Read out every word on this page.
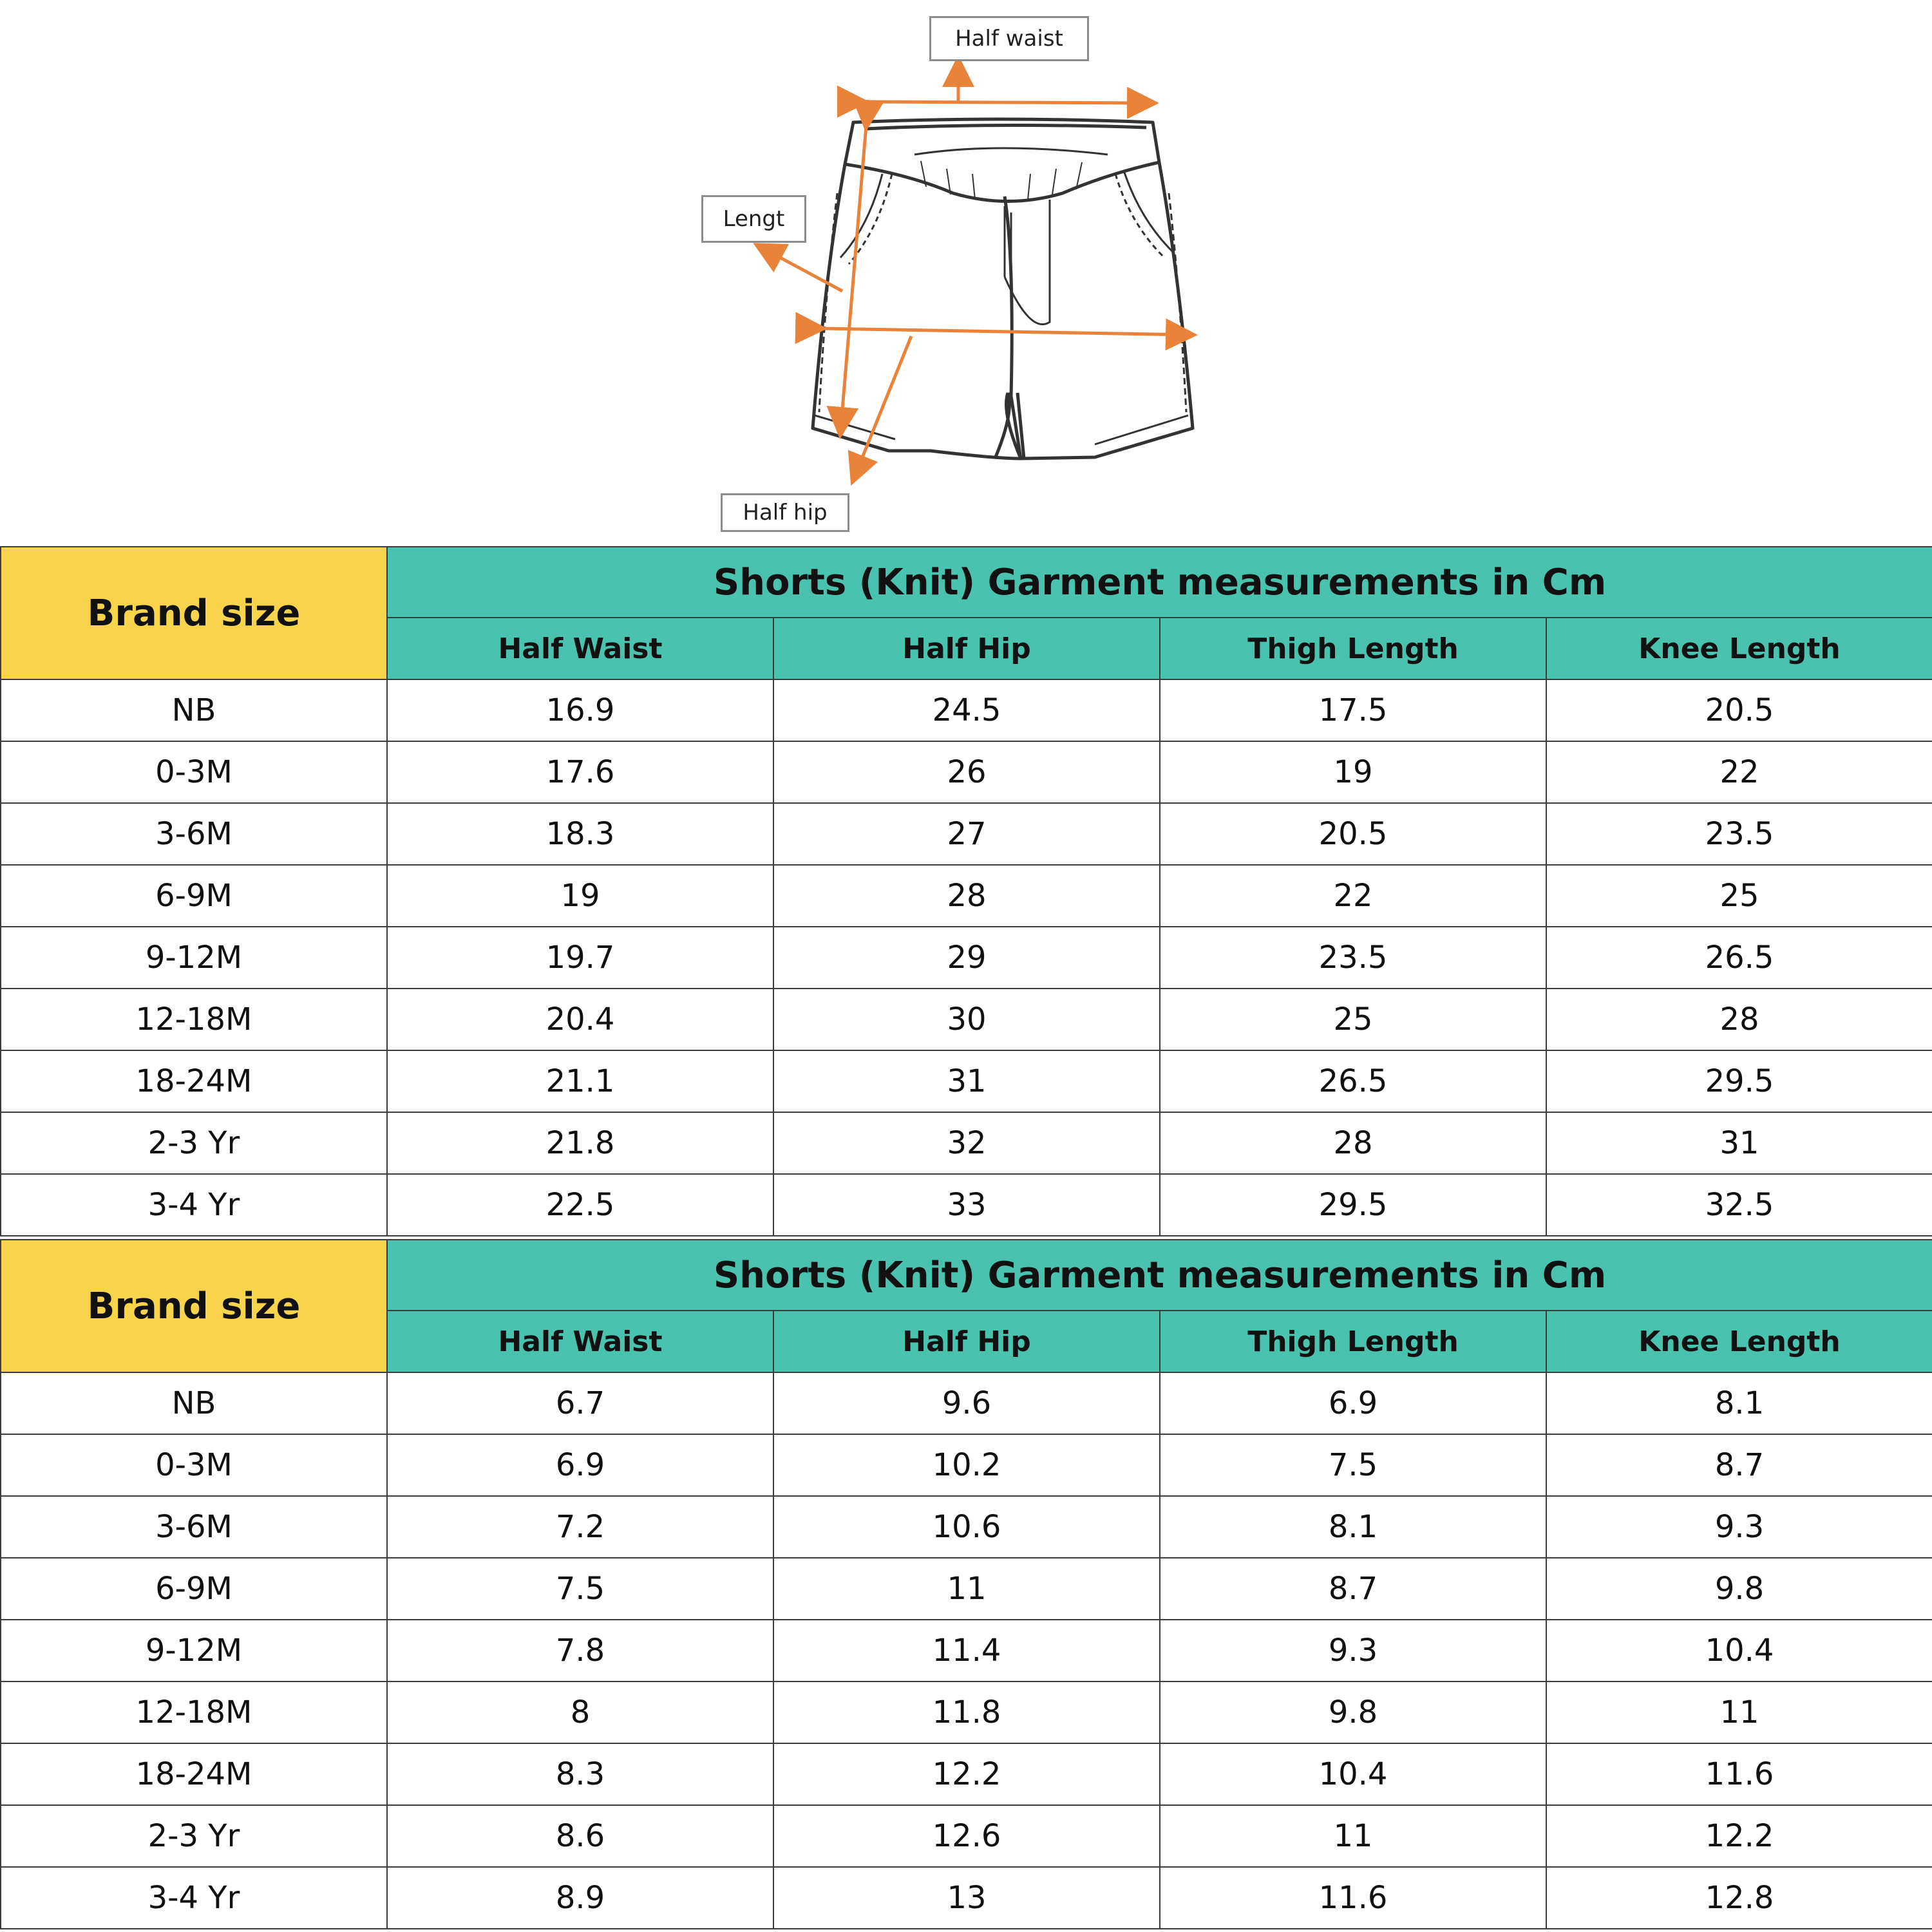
Half waist
Lengt
Half hip
Brand size	Shorts (Knit) Garment measurements in Cm			
	Half Waist	Half Hip	Thigh Length	Knee Length
NB	16.9	24.5	17.5	20.5
0-3M	17.6	26	19	22
3-6M	18.3	27	20.5	23.5
6-9M	19	28	22	25
9-12M	19.7	29	23.5	26.5
12-18M	20.4	30	25	28
18-24M	21.1	31	26.5	29.5
2-3 Yr	21.8	32	28	31
3-4 Yr	22.5	33	29.5	32.5
Brand size	Shorts (Knit) Garment measurements in Cm			
	Half Waist	Half Hip	Thigh Length	Knee Length
NB	6.7	9.6	6.9	8.1
0-3M	6.9	10.2	7.5	8.7
3-6M	7.2	10.6	8.1	9.3
6-9M	7.5	11	8.7	9.8
9-12M	7.8	11.4	9.3	10.4
12-18M	8	11.8	9.8	11
18-24M	8.3	12.2	10.4	11.6
2-3 Yr	8.6	12.6	11	12.2
3-4 Yr	8.9	13	11.6	12.8
